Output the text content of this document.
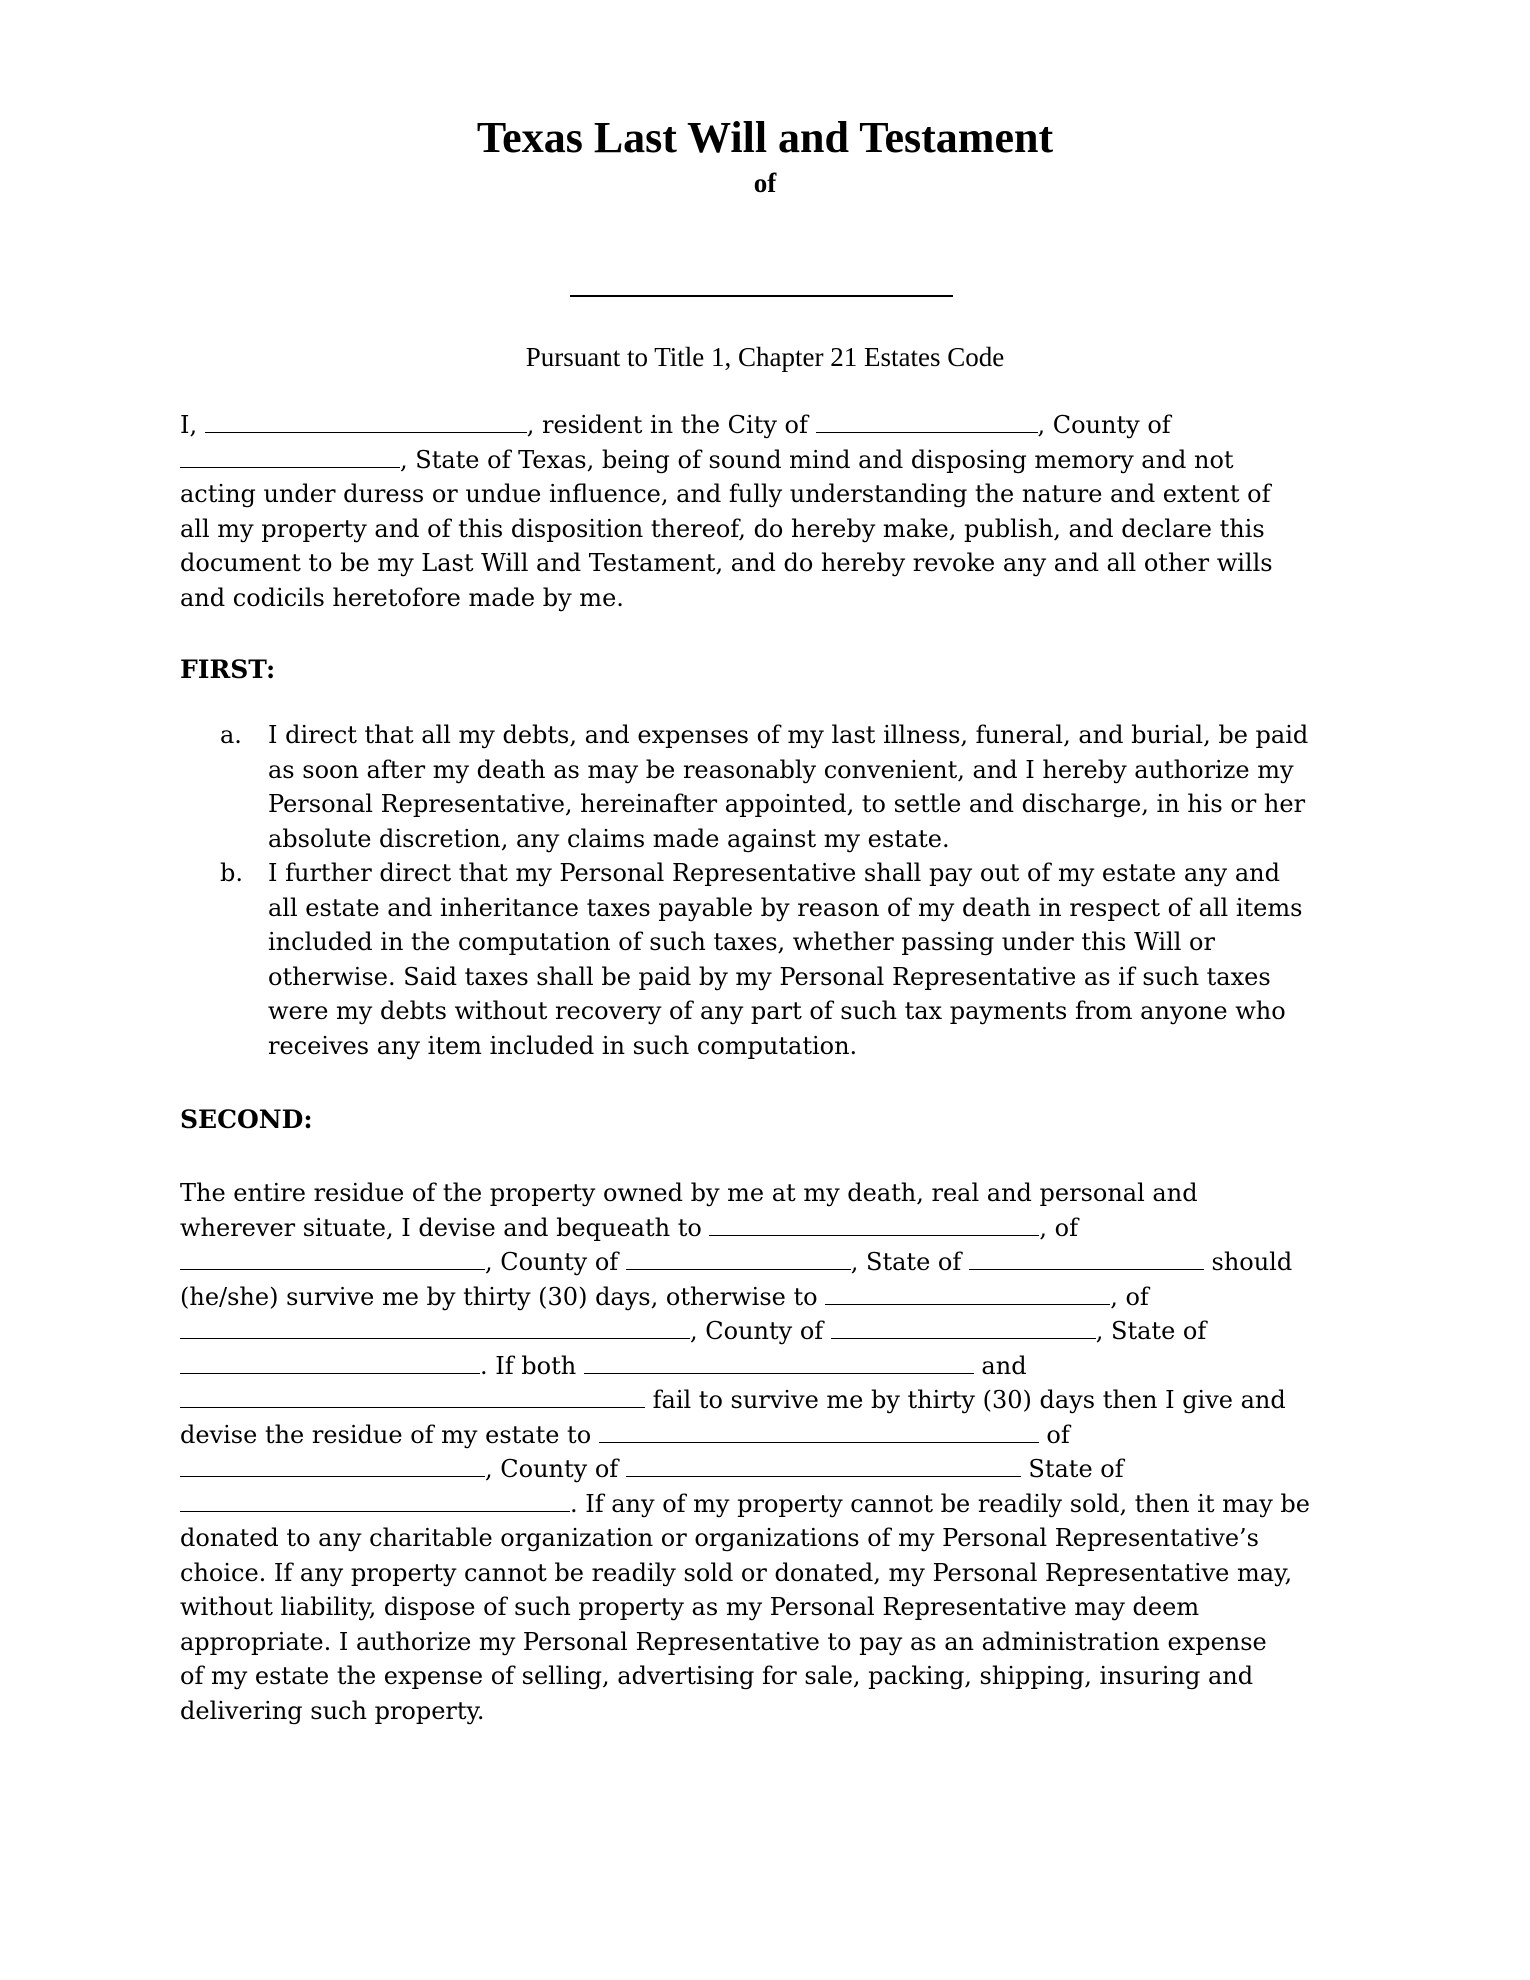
Texas Last Will and Testament
of
Pursuant to Title 1, Chapter 21 Estates Code
I,	, resident in the City of	, County of
, State of Texas, being of sound mind and disposing memory and not
acting under duress or undue influence, and fully understanding the nature and extent of
all my property and of this disposition thereof, do hereby make, publish, and declare this
document to be my Last Will and Testament, and do hereby revoke any and all other wills
and codicils heretofore made by me.
FIRST:
a. I direct that all my debts, and expenses of my last illness, funeral, and burial, be paid
as soon after my death as may be reasonably convenient, and I hereby authorize my
Personal Representative, hereinafter appointed, to settle and discharge, in his or her
absolute discretion, any claims made against my estate.
b. I further direct that my Personal Representative shall pay out of my estate any and
all estate and inheritance taxes payable by reason of my death in respect of all items
included in the computation of such taxes, whether passing under this Will or
otherwise. Said taxes shall be paid by my Personal Representative as if such taxes
were my debts without recovery of any part of such tax payments from anyone who
receives any item included in such computation.
SECOND:
The entire residue of the property owned by me at my death, real and personal and
wherever situate, I devise and bequeath to	, of
, County of	, State of	should
(he/she) survive me by thirty (30) days, otherwise to	, of
, County of	, State of
. If both	and
fail to survive me by thirty (30) days then I give and
devise the residue of my estate to	of
, County of	State of
. If any of my property cannot be readily sold, then it may be
donated to any charitable organization or organizations of my Personal Representative’s
choice. If any property cannot be readily sold or donated, my Personal Representative may,
without liability, dispose of such property as my Personal Representative may deem
appropriate. I authorize my Personal Representative to pay as an administration expense
of my estate the expense of selling, advertising for sale, packing, shipping, insuring and
delivering such property.
